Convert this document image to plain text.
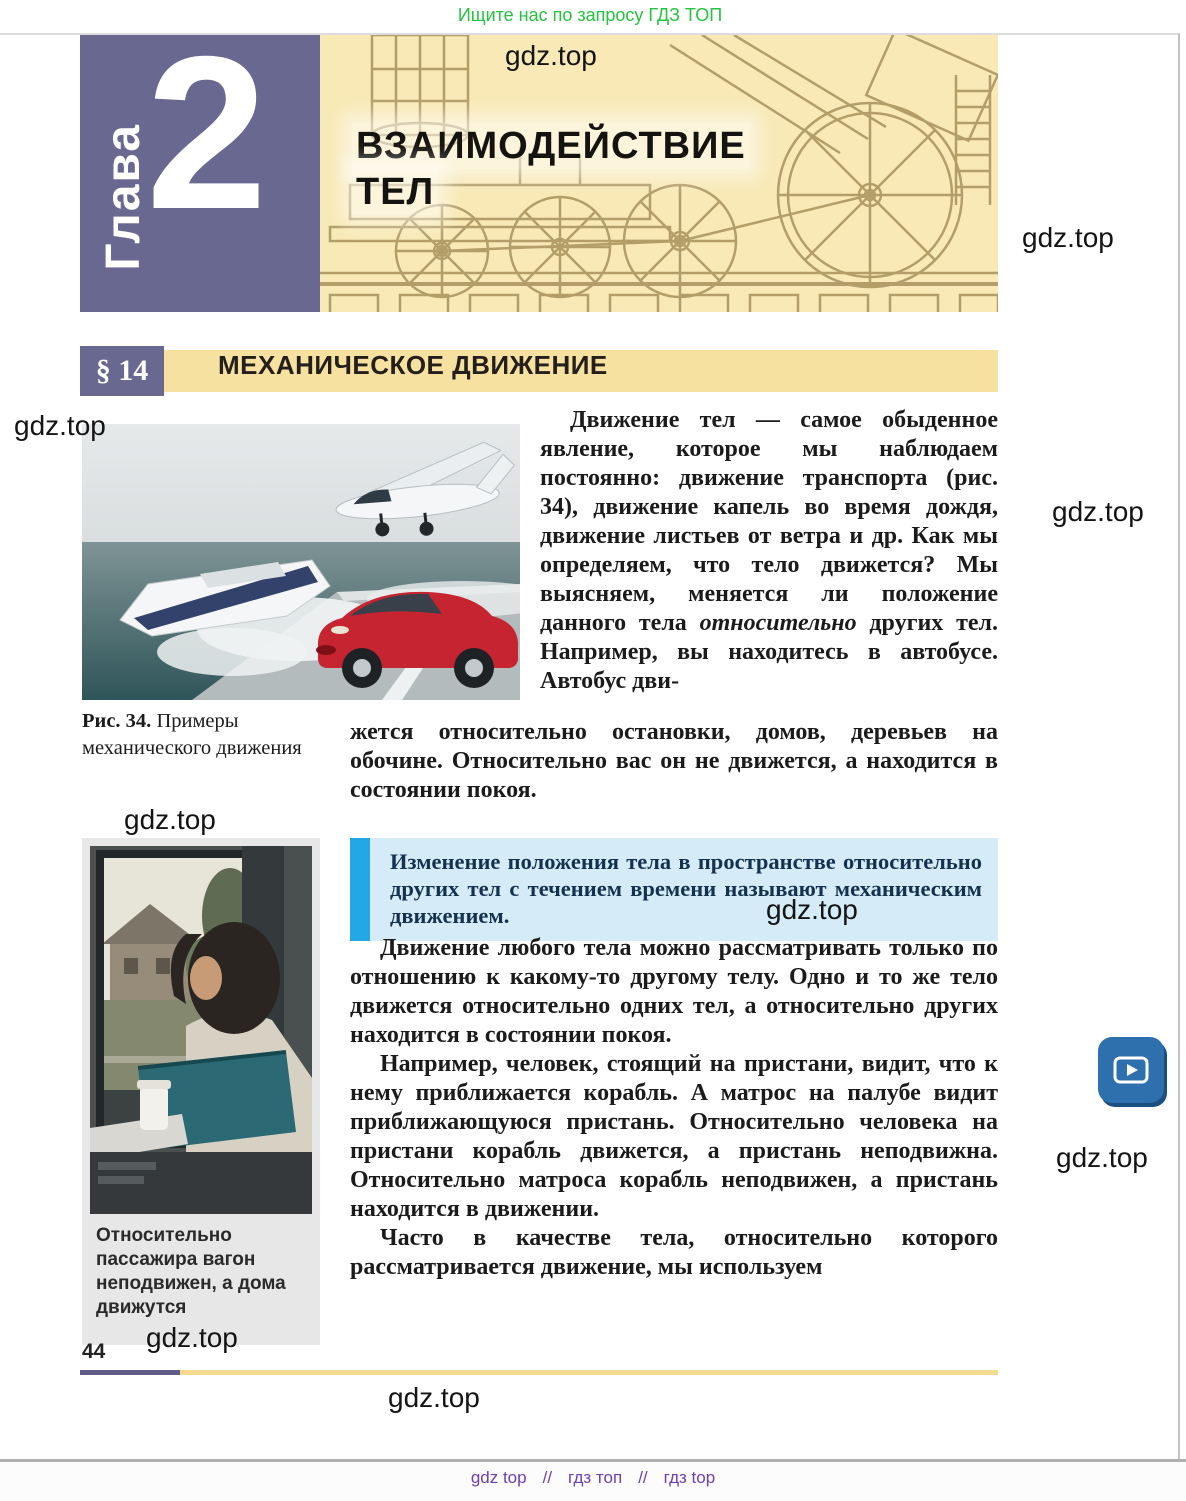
Ищите нас по запросу ГДЗ ТОП
Глава
2 ВЗАИМОДЕЙСТВИЕ
ТЕЛ
МЕХАНИЧЕСКОЕ ДВИЖЕНИЕ
§ 14
Рис. 34. Примеры механического движения
Движение тел — самое обыденное явление, которое мы наблюдаем постоянно: движение транспорта (рис. 34), движение капель во время дождя, движение листьев от ветра и др. Как мы определяем, что тело движется? Мы выясняем, меняется ли положение данного тела относительно других тел. Например, вы находитесь в автобусе. Автобус дви-
жется относительно остановки, домов, деревьев на обочине. Относительно вас он не движется, а находится в состоянии покоя.
Изменение положения тела в пространстве относительно других тел с течением времени называют механическим движением.

Движение любого тела можно рассматривать только по отношению к какому-то другому телу. Одно и то же тело движется относительно одних тел, а относительно других находится в состоянии покоя.

Например, человек, стоящий на пристани, видит, что к нему приближается корабль. А матрос на палубе видит приближающуюся пристань. Относительно человека на пристани корабль движется, а пристань неподвижна. Относительно матроса корабль неподвижен, а пристань находится в движении.

Часто в качестве тела, относительно которого рассматривается движение, мы используем

Относительно пассажира вагон неподвижен, а дома движутся
44
gdz.top
gdz.top
gdz.top
gdz.top
gdz.top
gdz.top
gdz.top
gdz.top
gdz.top
gdz top // гдз топ // гдз top
